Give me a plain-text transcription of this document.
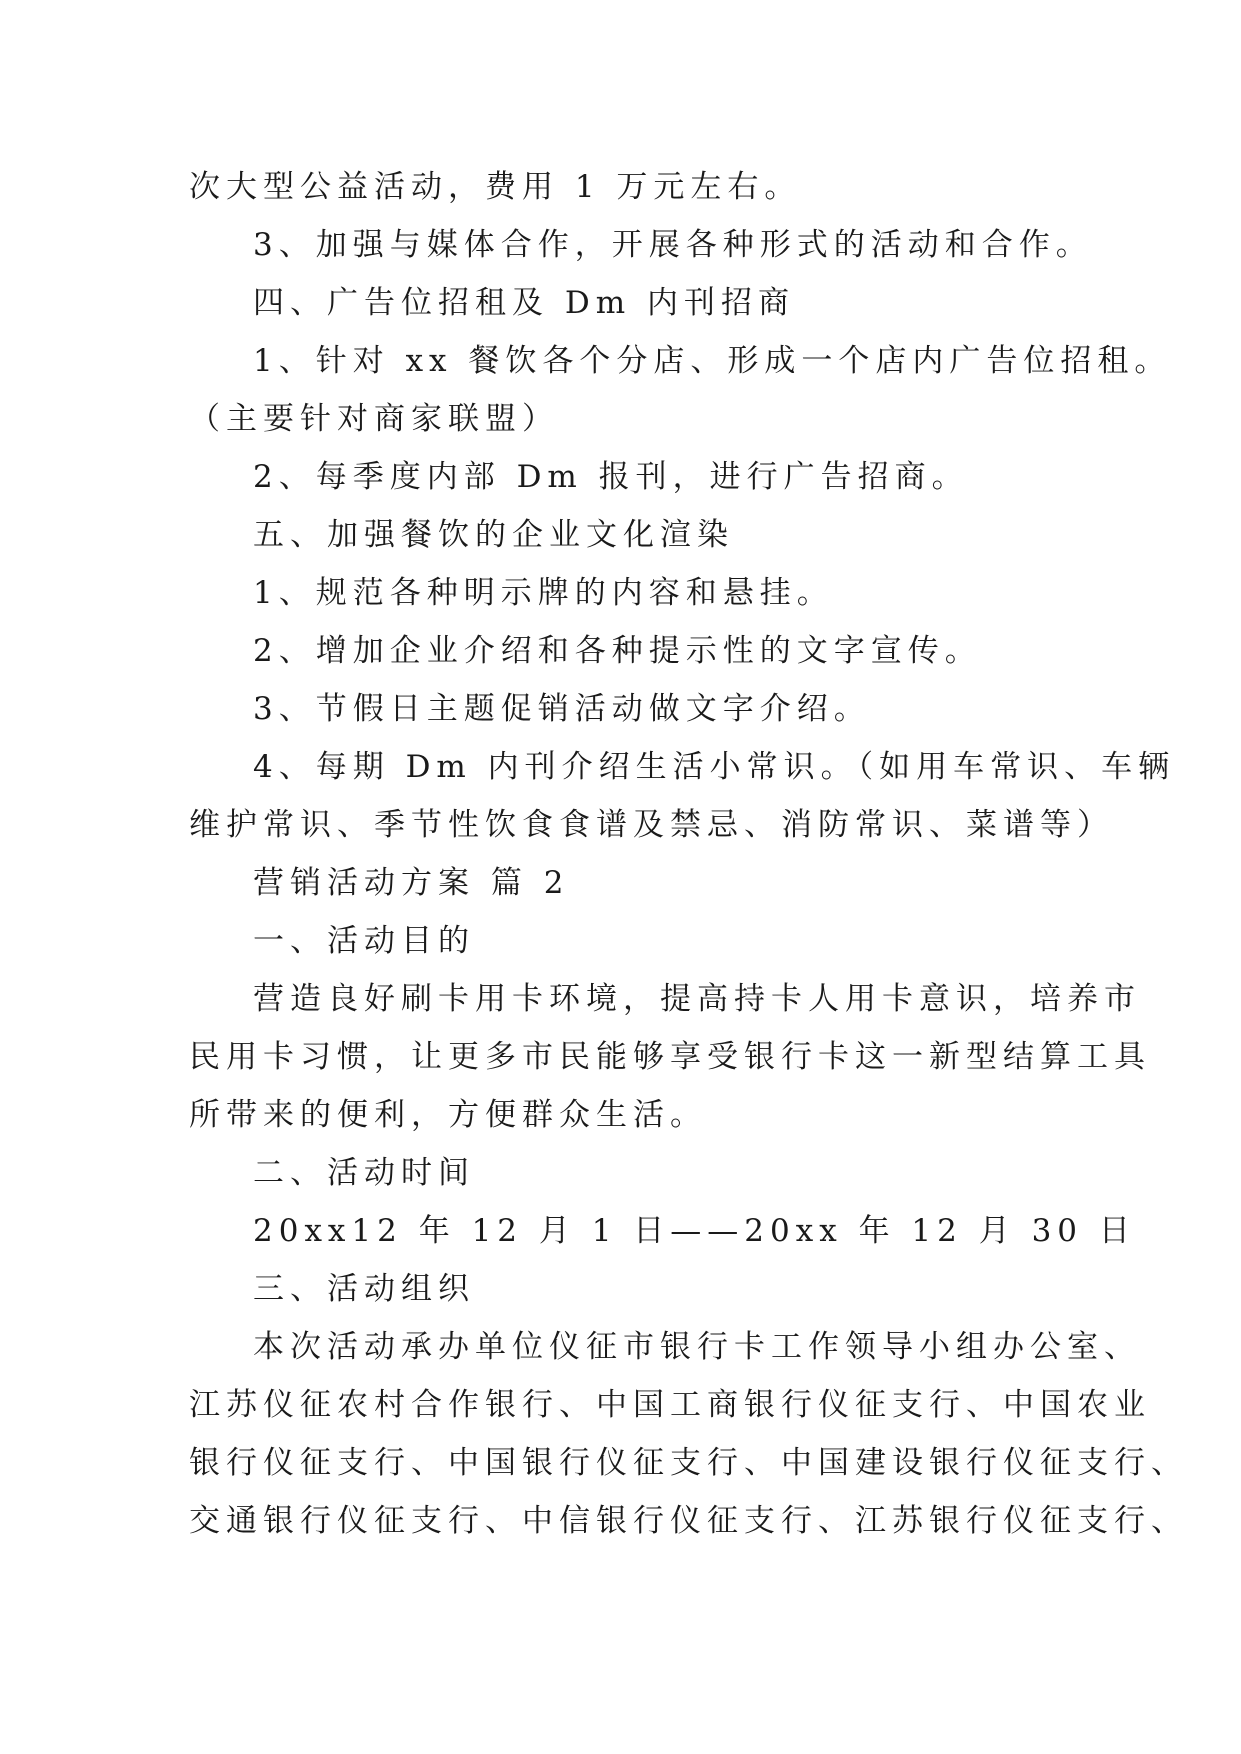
次大型公益活动，费用 1 万元左右。
3、加强与媒体合作，开展各种形式的活动和合作。
四、广告位招租及 Dm 内刊招商
1、针对 xx 餐饮各个分店、形成一个店内广告位招租。
（主要针对商家联盟）
2、每季度内部 Dm 报刊，进行广告招商。
五、加强餐饮的企业文化渲染
1、规范各种明示牌的内容和悬挂。
2、增加企业介绍和各种提示性的文字宣传。
3、节假日主题促销活动做文字介绍。
4、每期 Dm 内刊介绍生活小常识。（如用车常识、车辆
维护常识、季节性饮食食谱及禁忌、消防常识、菜谱等）
营销活动方案 篇 2
一、活动目的
营造良好刷卡用卡环境，提高持卡人用卡意识，培养市
民用卡习惯，让更多市民能够享受银行卡这一新型结算工具
所带来的便利，方便群众生活。
二、活动时间
20xx12 年 12 月 1 日——20xx 年 12 月 30 日
三、活动组织
本次活动承办单位仪征市银行卡工作领导小组办公室、
江苏仪征农村合作银行、中国工商银行仪征支行、中国农业
银行仪征支行、中国银行仪征支行、中国建设银行仪征支行、
交通银行仪征支行、中信银行仪征支行、江苏银行仪征支行、
